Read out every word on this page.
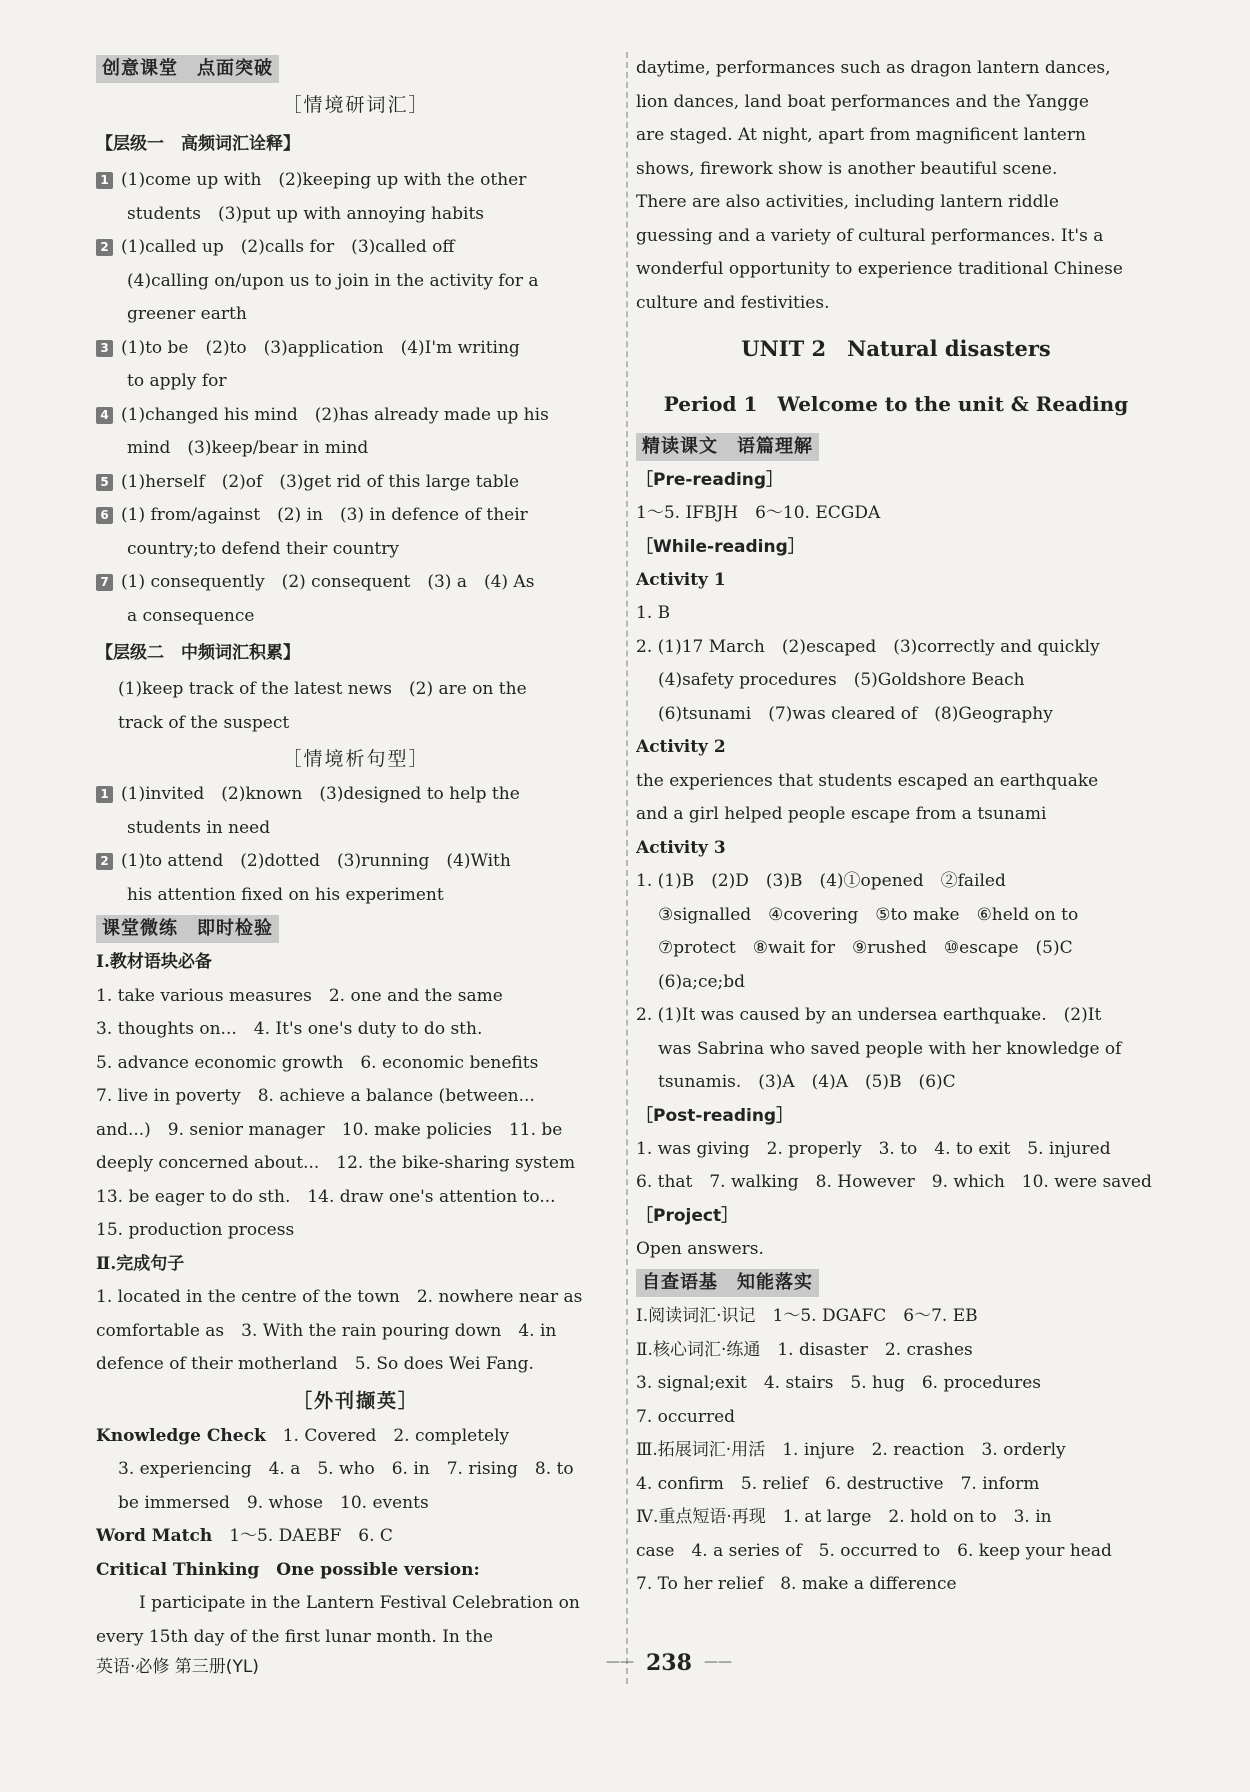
创意课堂　点面突破
［情境研词汇］
【层级一　高频词汇诠释】
1 (1)come up with　(2)keeping up with the other
students　(3)put up with annoying habits
2 (1)called up　(2)calls for　(3)called off
(4)calling on/upon us to join in the activity for a
greener earth
3 (1)to be　(2)to　(3)application　(4)I'm writing
to apply for
4 (1)changed his mind　(2)has already made up his
mind　(3)keep/bear in mind
5 (1)herself　(2)of　(3)get rid of this large table
6 (1) from/against　(2) in　(3) in defence of their
country;to defend their country
7 (1) consequently　(2) consequent　(3) a　(4) As
a consequence
【层级二　中频词汇积累】
(1)keep track of the latest news　(2) are on the
track of the suspect
［情境析句型］
1 (1)invited　(2)known　(3)designed to help the
students in need
2 (1)to attend　(2)dotted　(3)running　(4)With
his attention fixed on his experiment
课堂微练　即时检验
Ⅰ.教材语块必备
1. take various measures　2. one and the same
3. thoughts on...　4. It's one's duty to do sth.
5. advance economic growth　6. economic benefits
7. live in poverty　8. achieve a balance (between...
and...)　9. senior manager　10. make policies　11. be
deeply concerned about...　12. the bike-sharing system
13. be eager to do sth.　14. draw one's attention to...
15. production process
Ⅱ.完成句子
1. located in the centre of the town　2. nowhere near as
comfortable as　3. With the rain pouring down　4. in
defence of their motherland　5. So does Wei Fang.
［外刊撷英］
Knowledge Check　 1. Covered　2. completely
3. experiencing　4. a　5. who　6. in　7. rising　8. to
be immersed　9. whose　10. events
Word Match　 1～5. DAEBF　6. C
Critical Thinking　One possible version:
I participate in the Lantern Festival Celebration on
every 15th day of the first lunar month. In the
daytime, performances such as dragon lantern dances,
lion dances, land boat performances and the Yangge
are staged. At night, apart from magnificent lantern
shows, firework show is another beautiful scene.
There are also activities, including lantern riddle
guessing and a variety of cultural performances. It's a
wonderful opportunity to experience traditional Chinese
culture and festivities.
UNIT 2　Natural disasters
Period 1　Welcome to the unit & Reading
精读课文　语篇理解
［Pre-reading］
1～5. IFBJH　6～10. ECGDA
［While-reading］
Activity 1
1. B
2. (1)17 March　(2)escaped　(3)correctly and quickly
(4)safety procedures　(5)Goldshore Beach
(6)tsunami　(7)was cleared of　(8)Geography
Activity 2
the experiences that students escaped an earthquake
and a girl helped people escape from a tsunami
Activity 3
1. (1)B　(2)D　(3)B　(4)①opened　②failed
③signalled　④covering　⑤to make　⑥held on to
⑦protect　⑧wait for　⑨rushed　⑩escape　(5)C
(6)a;ce;bd
2. (1)It was caused by an undersea earthquake.　(2)It
was Sabrina who saved people with her knowledge of
tsunamis.　(3)A　(4)A　(5)B　(6)C
［Post-reading］
1. was giving　2. properly　3. to　4. to exit　5. injured
6. that　7. walking　8. However　9. which　10. were saved
［Project］
Open answers.
自查语基　知能落实
Ⅰ.阅读词汇·识记　1～5. DGAFC　6～7. EB
Ⅱ.核心词汇·练通　1. disaster　2. crashes
3. signal;exit　4. stairs　5. hug　6. procedures
7. occurred
Ⅲ.拓展词汇·用活　1. injure　2. reaction　3. orderly
4. confirm　5. relief　6. destructive　7. inform
Ⅳ.重点短语·再现　1. at large　2. hold on to　3. in
case　4. a series of　5. occurred to　6. keep your head
7. To her relief　8. make a difference
英语·必修 第三册(YL)
——	238 ——
